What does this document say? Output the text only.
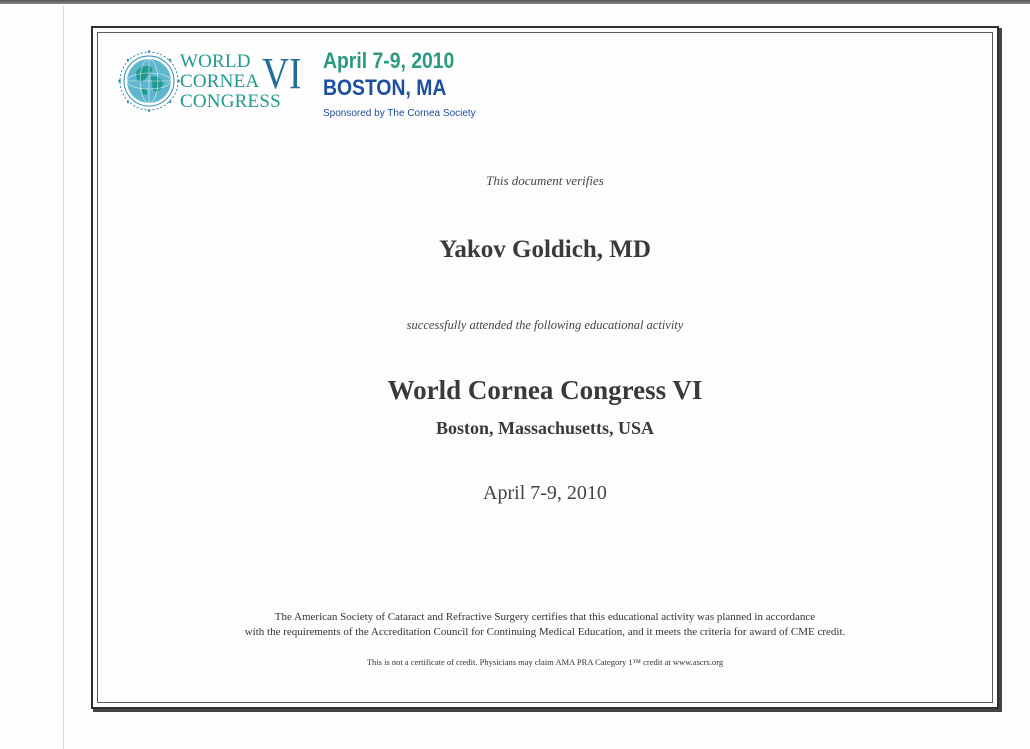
WORLD
CORNEA
CONGRESS
VI April 7-9, 2010
BOSTON, MA
Sponsored by The Cornea Society
This document verifies
Yakov Goldich, MD
successfully attended the following educational activity
World Cornea Congress VI
Boston, Massachusetts, USA
April 7-9, 2010
The American Society of Cataract and Refractive Surgery certifies that this educational activity was planned in accordance
with the requirements of the Accreditation Council for Continuing Medical Education, and it meets the criteria for award of CME credit.
This is not a certificate of credit. Physicians may claim AMA PRA Category 1™ credit at www.ascrs.org
